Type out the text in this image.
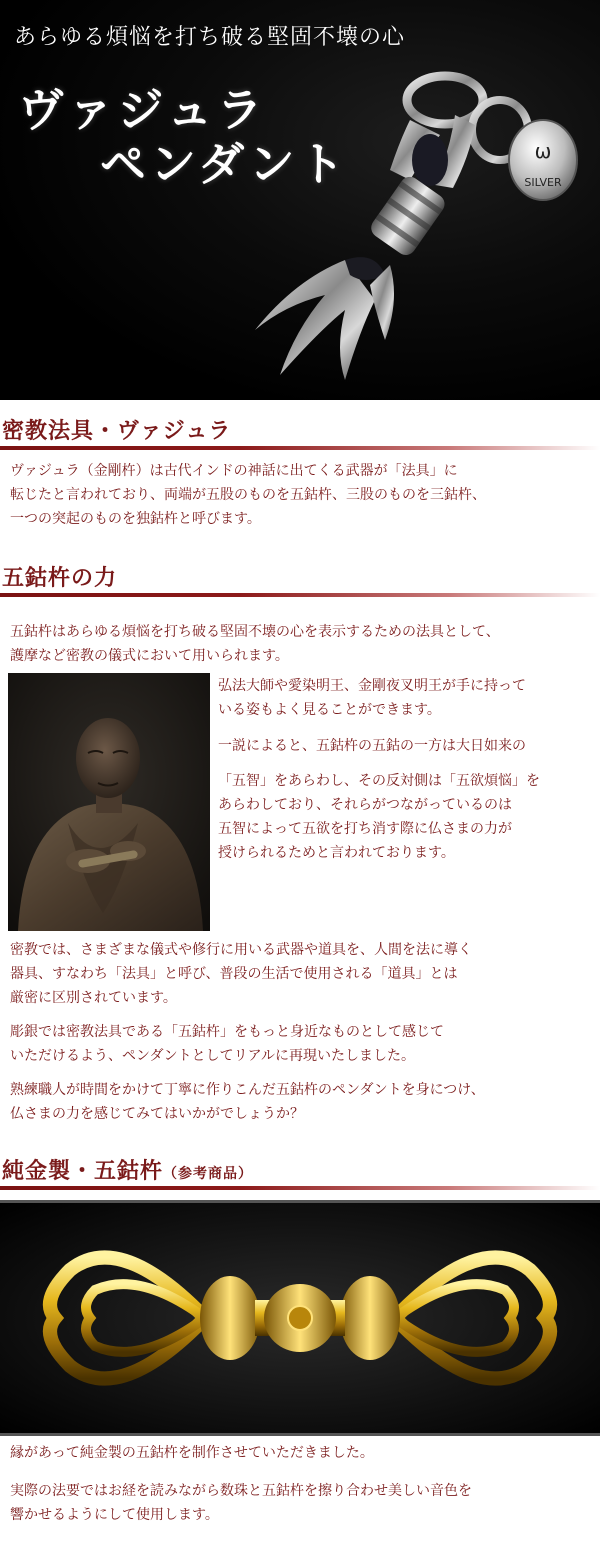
あらゆる煩悩を打ち破る堅固不壊の心
ヴァジュラ
ペンダント	ω
SILVER
密教法具・ヴァジュラ
ヴァジュラ（金剛杵）は古代インドの神話に出てくる武器が「法具」に
転じたと言われており、両端が五股のものを五鈷杵、三股のものを三鈷杵、
一つの突起のものを独鈷杵と呼びます。
五鈷杵の力
五鈷杵はあらゆる煩悩を打ち破る堅固不壊の心を表示するための法具として、
護摩など密教の儀式において用いられます。
弘法大師や愛染明王、金剛夜叉明王が手に持って
いる姿もよく見ることができます。
一説によると、五鈷杵の五鈷の一方は大日如来の
「五智」をあらわし、その反対側は「五欲煩悩」を
あらわしており、それらがつながっているのは
五智によって五欲を打ち消す際に仏さまの力が
授けられるためと言われております。
密教では、さまざまな儀式や修行に用いる武器や道具を、人間を法に導く
器具、すなわち「法具」と呼び、普段の生活で使用される「道具」とは
厳密に区別されています。
彫銀では密教法具である「五鈷杵」をもっと身近なものとして感じて
いただけるよう、ペンダントとしてリアルに再現いたしました。
熟練職人が時間をかけて丁寧に作りこんだ五鈷杵のペンダントを身につけ、
仏さまの力を感じてみてはいかがでしょうか？
純金製・五鈷杵（参考商品）
縁があって純金製の五鈷杵を制作させていただきました。
実際の法要ではお経を読みながら数珠と五鈷杵を擦り合わせ美しい音色を
響かせるようにして使用します。
